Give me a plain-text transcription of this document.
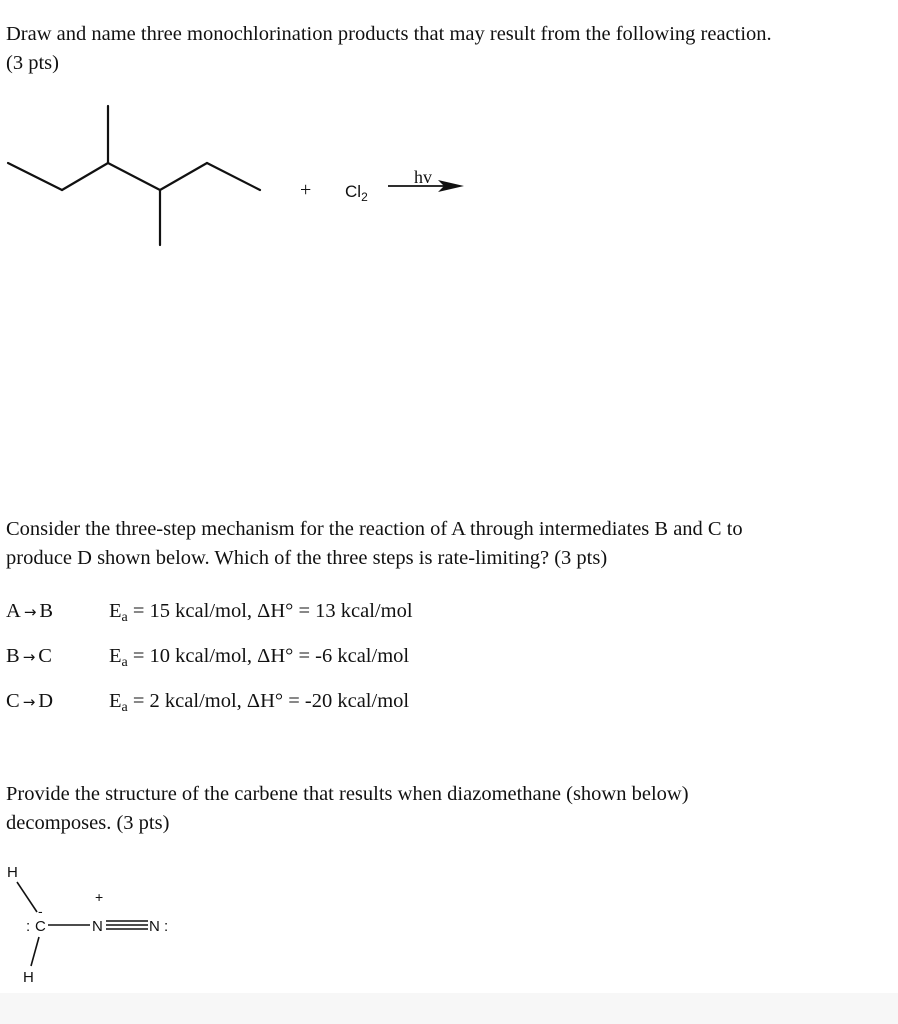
Draw and name three monochlorination products that may result from the following reaction.
(3 pts)

+ $Cl_2$
hv

Consider the three-step mechanism for the reaction of A through intermediates B and C to
produce D shown below. Which of the three steps is rate-limiting? (3 pts)

A → B	$E_a = 15$ kcal/mol, ΔH° = 13 kcal/mol
B → C	$E_a = 10$ kcal/mol, ΔH° = -6 kcal/mol
C → D	$E_a = 2$ kcal/mol, ΔH° = -20 kcal/mol

Provide the structure of the carbene that results when diazomethane (shown below)
decomposes. (3 pts)

H
H
: C
-
+
N	N :
